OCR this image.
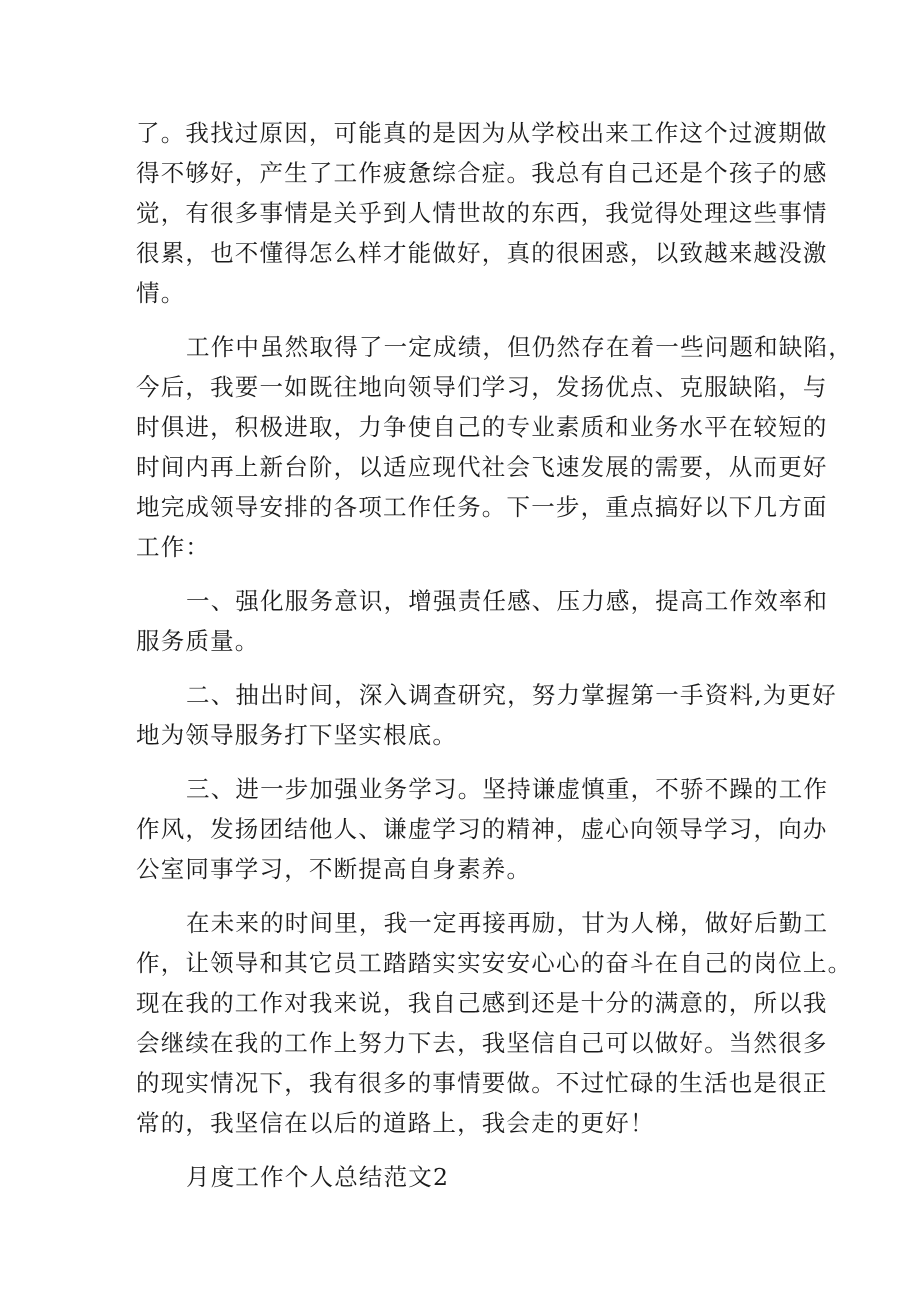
了。我找过原因，可能真的是因为从学校出来工作这个过渡期做
得不够好，产生了工作疲惫综合症。我总有自己还是个孩子的感
觉，有很多事情是关乎到人情世故的东西，我觉得处理这些事情
很累，也不懂得怎么样才能做好，真的很困惑，以致越来越没激
情。

工作中虽然取得了一定成绩，但仍然存在着一些问题和缺陷，
今后，我要一如既往地向领导们学习，发扬优点、克服缺陷，与
时俱进，积极进取，力争使自己的专业素质和业务水平在较短的
时间内再上新台阶，以适应现代社会飞速发展的需要，从而更好
地完成领导安排的各项工作任务。下一步，重点搞好以下几方面
工作：

一、强化服务意识，增强责任感、压力感，提高工作效率和
服务质量。

二、抽出时间，深入调查研究，努力掌握第一手资料,为更好
地为领导服务打下坚实根底。

三、进一步加强业务学习。坚持谦虚慎重，不骄不躁的工作
作风，发扬团结他人、谦虚学习的精神，虚心向领导学习，向办
公室同事学习，不断提高自身素养。

在未来的时间里，我一定再接再励，甘为人梯，做好后勤工
作，让领导和其它员工踏踏实实安安心心的奋斗在自己的岗位上。
现在我的工作对我来说，我自己感到还是十分的满意的，所以我
会继续在我的工作上努力下去，我坚信自己可以做好。当然很多
的现实情况下，我有很多的事情要做。不过忙碌的生活也是很正
常的，我坚信在以后的道路上，我会走的更好！

月度工作个人总结范文2
